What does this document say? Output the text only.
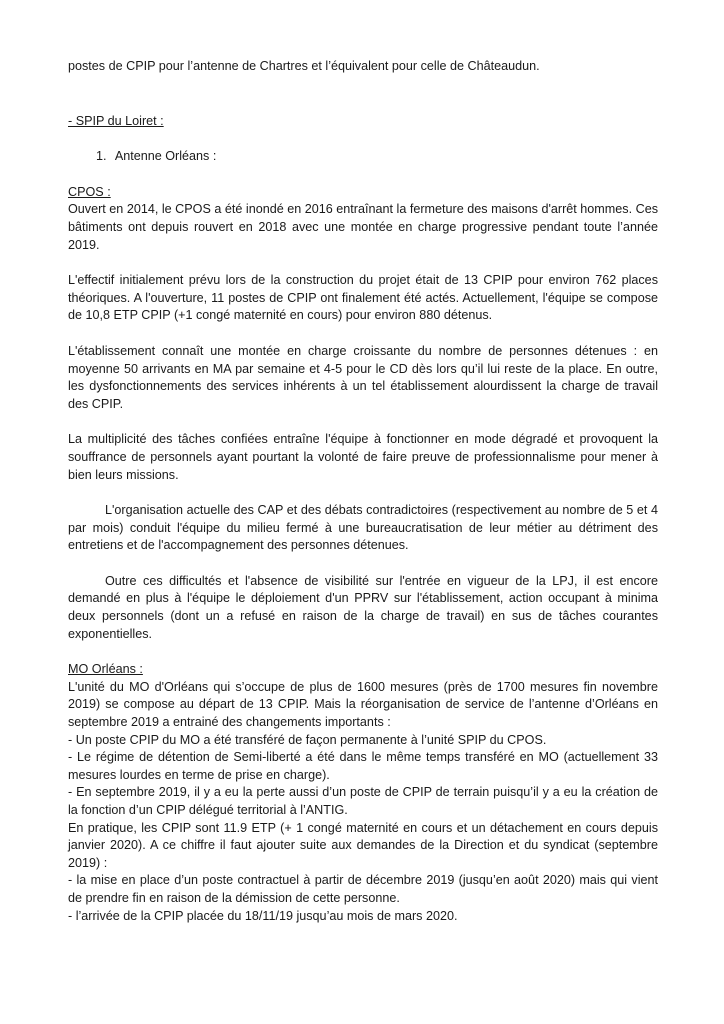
postes de CPIP pour l’antenne de Chartres et l’équivalent pour celle de Châteaudun.

- SPIP du Loiret :

1. Antenne Orléans :

CPOS :

Ouvert en 2014, le CPOS a été inondé en 2016 entraînant la fermeture des maisons d'arrêt hommes. Ces bâtiments ont depuis rouvert en 2018 avec une montée en charge progressive pendant toute l’année 2019.

L'effectif initialement prévu lors de la construction du projet était de 13 CPIP pour environ 762 places théoriques. A l'ouverture, 11 postes de CPIP ont finalement été actés. Actuellement, l'équipe se compose de 10,8 ETP CPIP (+1 congé maternité en cours) pour environ 880 détenus.

L'établissement connaît une montée en charge croissante du nombre de personnes détenues : en moyenne 50 arrivants en MA par semaine et 4-5 pour le CD dès lors qu’il lui reste de la place. En outre, les dysfonctionnements des services inhérents à un tel établissement alourdissent la charge de travail des CPIP.

La multiplicité des tâches confiées entraîne l'équipe à fonctionner en mode dégradé et provoquent la souffrance de personnels ayant pourtant la volonté de faire preuve de professionnalisme pour mener à bien leurs missions.

L'organisation actuelle des CAP et des débats contradictoires (respectivement au nombre de 5 et 4 par mois) conduit l'équipe du milieu fermé à une bureaucratisation de leur métier au détriment des entretiens et de l'accompagnement des personnes détenues.

Outre ces difficultés et l'absence de visibilité sur l'entrée en vigueur de la LPJ, il est encore demandé en plus à l'équipe le déploiement d'un PPRV sur l'établissement, action occupant à minima deux personnels (dont un a refusé en raison de la charge de travail) en sus de tâches courantes exponentielles.

MO Orléans :

L'unité du MO d'Orléans qui s’occupe de plus de 1600 mesures (près de 1700 mesures fin novembre 2019) se compose au départ de 13 CPIP. Mais la réorganisation de service de l’antenne d’Orléans en septembre 2019 a entrainé des changements importants :

- Un poste CPIP du MO a été transféré de façon permanente à l’unité SPIP du CPOS.

- Le régime de détention de Semi-liberté a été dans le même temps transféré en MO (actuellement 33 mesures lourdes en terme de prise en charge).

- En septembre 2019, il y a eu la perte aussi d’un poste de CPIP de terrain puisqu’il y a eu la création de la fonction d’un CPIP délégué territorial à l’ANTIG.

En pratique, les CPIP sont 11.9 ETP (+ 1 congé maternité en cours et un détachement en cours depuis janvier 2020). A ce chiffre il faut ajouter suite aux demandes de la Direction et du syndicat (septembre 2019) :

- la mise en place d’un poste contractuel à partir de décembre 2019 (jusqu’en août 2020) mais qui vient de prendre fin en raison de la démission de cette personne.

- l’arrivée de la CPIP placée du 18/11/19 jusqu’au mois de mars 2020.
